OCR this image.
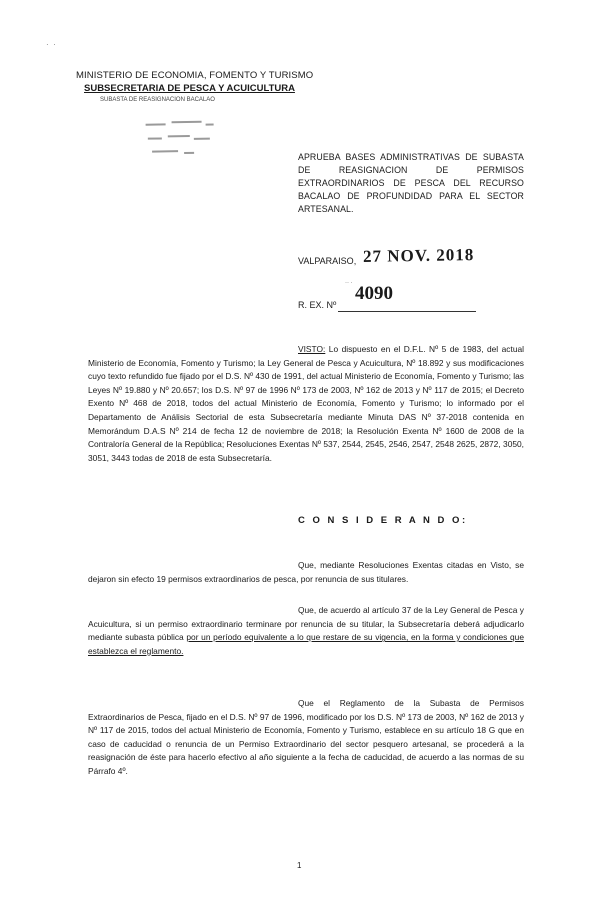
·  ·
MINISTERIO DE ECONOMIA, FOMENTO Y TURISMO
SUBSECRETARIA DE PESCA Y ACUICULTURA
SUBASTA DE REASIGNACION BACALAO
APRUEBA BASES ADMINISTRATIVAS DE SUBASTA DE REASIGNACION DE PERMISOS EXTRAORDINARIOS DE PESCA DEL RECURSO BACALAO DE PROFUNDIDAD PARA EL SECTOR ARTESANAL.
VALPARAISO, 27 NOV. 2018
·· · 4090
R. EX. Nº
VISTO: Lo dispuesto en el D.F.L. Nº 5 de 1983, del actual Ministerio de Economía, Fomento y Turismo; la Ley General de Pesca y Acuicultura, Nº 18.892 y sus modificaciones cuyo texto refundido fue fijado por el D.S. Nº 430 de 1991, del actual Ministerio de Economía, Fomento y Turismo; las Leyes Nº 19.880 y Nº 20.657; los D.S. Nº 97 de 1996 Nº 173 de 2003, Nº 162 de 2013 y Nº 117 de 2015; el Decreto Exento Nº 468 de 2018, todos del actual Ministerio de Economía, Fomento y Turismo; lo informado por el Departamento de Análisis Sectorial de esta Subsecretaría mediante Minuta DAS Nº 37-2018 contenida en Memorándum D.A.S Nº 214 de fecha 12 de noviembre de 2018; la Resolución Exenta Nº 1600 de 2008 de la Contraloría General de la República; Resoluciones Exentas Nº 537, 2544, 2545, 2546, 2547, 2548 2625, 2872, 3050, 3051, 3443 todas de 2018 de esta Subsecretaría.
C O N S I D E R A N D O:
Que, mediante Resoluciones Exentas citadas en Visto, se dejaron sin efecto 19 permisos extraordinarios de pesca, por renuncia de sus titulares.
Que, de acuerdo al artículo 37 de la Ley General de Pesca y Acuicultura, si un permiso extraordinario terminare por renuncia de su titular, la Subsecretaría deberá adjudicarlo mediante subasta pública por un período equivalente a lo que restare de su vigencia, en la forma y condiciones que establezca el reglamento.
Que el Reglamento de la Subasta de Permisos Extraordinarios de Pesca, fijado en el D.S. Nº 97 de 1996, modificado por los D.S. Nº 173 de 2003, Nº 162 de 2013 y Nº 117 de 2015, todos del actual Ministerio de Economía, Fomento y Turismo, establece en su artículo 18 G que en caso de caducidad o renuncia de un Permiso Extraordinario del sector pesquero artesanal, se procederá a la reasignación de éste para hacerlo efectivo al año siguiente a la fecha de caducidad, de acuerdo a las normas de su Párrafo 4º.
1
